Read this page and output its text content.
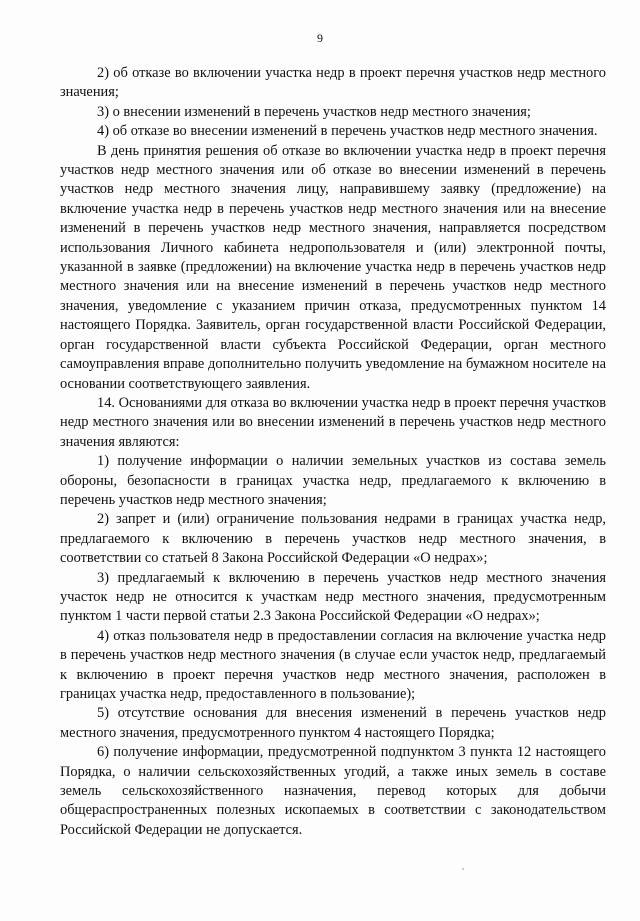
9

2) об отказе во включении участка недр в проект перечня участков недр местного значения;

3) о внесении изменений в перечень участков недр местного значения;

4) об отказе во внесении изменений в перечень участков недр местного значения.

В день принятия решения об отказе во включении участка недр в проект перечня участков недр местного значения или об отказе во внесении изменений в перечень участков недр местного значения лицу, направившему заявку (предложение) на включение участка недр в перечень участков недр местного значения или на внесение изменений в перечень участков недр местного значения, направляется посредством использования Личного кабинета недропользователя и (или) электронной почты, указанной в заявке (предложении) на включение участка недр в перечень участков недр местного значения или на внесение изменений в перечень участков недр местного значения, уведомление с указанием причин отказа, предусмотренных пунктом 14 настоящего Порядка. Заявитель, орган государственной власти Российской Федерации, орган государственной власти субъекта Российской Федерации, орган местного самоуправления вправе дополнительно получить уведомление на бумажном носителе на основании соответствующего заявления.

14. Основаниями для отказа во включении участка недр в проект перечня участков недр местного значения или во внесении изменений в перечень участков недр местного значения являются:

1) получение информации о наличии земельных участков из состава земель обороны, безопасности в границах участка недр, предлагаемого к включению в перечень участков недр местного значения;

2) запрет и (или) ограничение пользования недрами в границах участка недр, предлагаемого к включению в перечень участков недр местного значения, в соответствии со статьей 8 Закона Российской Федерации «О недрах»;

3) предлагаемый к включению в перечень участков недр местного значения участок недр не относится к участкам недр местного значения, предусмотренным пунктом 1 части первой статьи 2.3 Закона Российской Федерации «О недрах»;

4) отказ пользователя недр в предоставлении согласия на включение участка недр в перечень участков недр местного значения (в случае если участок недр, предлагаемый к включению в проект перечня участков недр местного значения, расположен в границах участка недр, предоставленного в пользование);

5) отсутствие основания для внесения изменений в перечень участков недр местного значения, предусмотренного пунктом 4 настоящего Порядка;

6) получение информации, предусмотренной подпунктом 3 пункта 12 настоящего Порядка, о наличии сельскохозяйственных угодий, а также иных земель в составе земель сельскохозяйственного назначения, перевод которых для добычи общераспространенных полезных ископаемых в соответствии с законодательством Российской Федерации не допускается.
